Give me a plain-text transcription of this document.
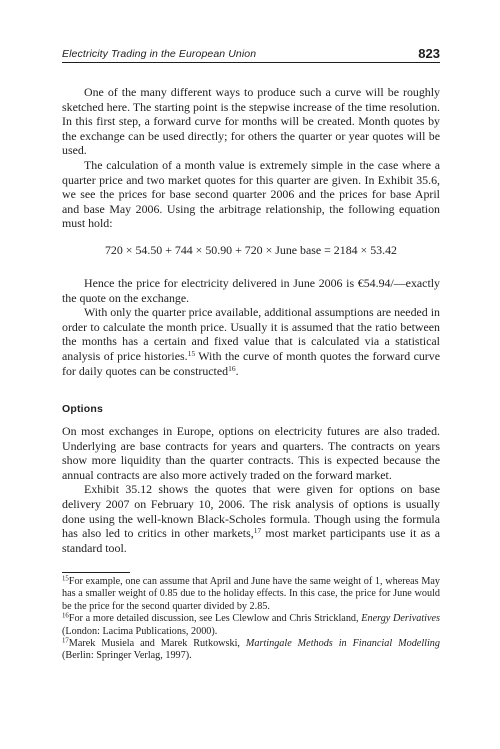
Electricity Trading in the European Union	823

One of the many different ways to produce such a curve will be roughly sketched here. The starting point is the stepwise increase of the time resolution. In this first step, a forward curve for months will be created. Month quotes by the exchange can be used directly; for others the quarter or year quotes will be used.

The calculation of a month value is extremely simple in the case where a quarter price and two market quotes for this quarter are given. In Exhibit 35.6, we see the prices for base second quarter 2006 and the prices for base April and base May 2006. Using the arbitrage relationship, the following equation must hold:

720 × 54.50 + 744 × 50.90 + 720 × June base = 2184 × 53.42

Hence the price for electricity delivered in June 2006 is €54.94/—exactly the quote on the exchange.

With only the quarter price available, additional assumptions are needed in order to calculate the month price. Usually it is assumed that the ratio between the months has a certain and fixed value that is calculated via a statistical analysis of price histories.$^{15}$ With the curve of month quotes the forward curve for daily quotes can be constructed$^{16}$.

Options

On most exchanges in Europe, options on electricity futures are also traded. Underlying are base contracts for years and quarters. The contracts on years show more liquidity than the quarter contracts. This is expected because the annual contracts are also more actively traded on the forward market.

Exhibit 35.12 shows the quotes that were given for options on base delivery 2007 on February 10, 2006. The risk analysis of options is usually done using the well-known Black-Scholes formula. Though using the formula has also led to critics in other markets,$^{17}$ most market participants use it as a standard tool.

$^{15}$For example, one can assume that April and June have the same weight of 1, whereas May has a smaller weight of 0.85 due to the holiday effects. In this case, the price for June would be the price for the second quarter divided by 2.85.

$^{16}$For a more detailed discussion, see Les Clewlow and Chris Strickland, Energy Derivatives (London: Lacima Publications, 2000).

$^{17}$Marek Musiela and Marek Rutkowski, Martingale Methods in Financial Modelling (Berlin: Springer Verlag, 1997).
